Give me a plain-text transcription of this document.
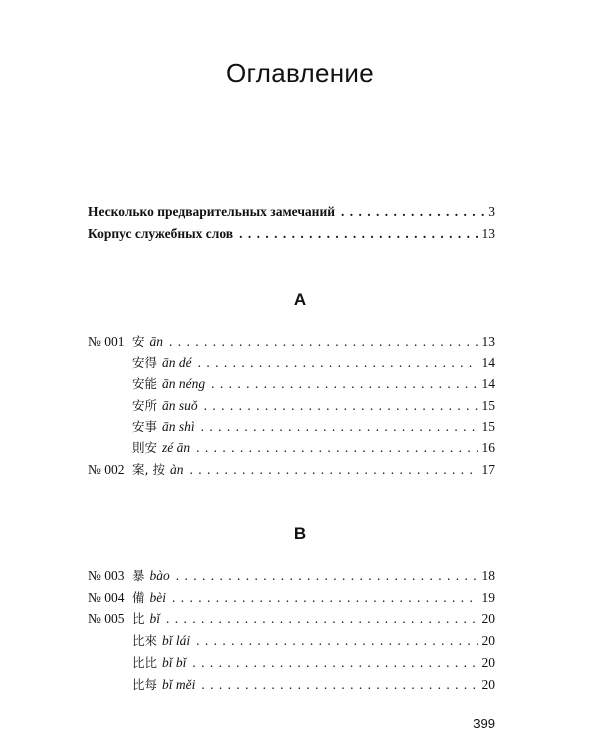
Оглавление
Несколько предварительных замечаний . . .	3
Корпус служебных слов . . .	13
A
№ 001 安 ān . . .	13
安得 ān dé . . .	14
安能 ān néng . . .	14
安所 ān suǒ . . .	15
安事 ān shì . . .	15
則安 zé ān . . .	16
№ 002 案, 按 àn . . .	17
B
№ 003 暴 bào . . .	18
№ 004 備 bèi . . .	19
№ 005 比 bǐ . . .	20
比來 bǐ lái . . .	20
比比 bǐ bǐ . . .	20
比每 bǐ měi . . .	20
399
